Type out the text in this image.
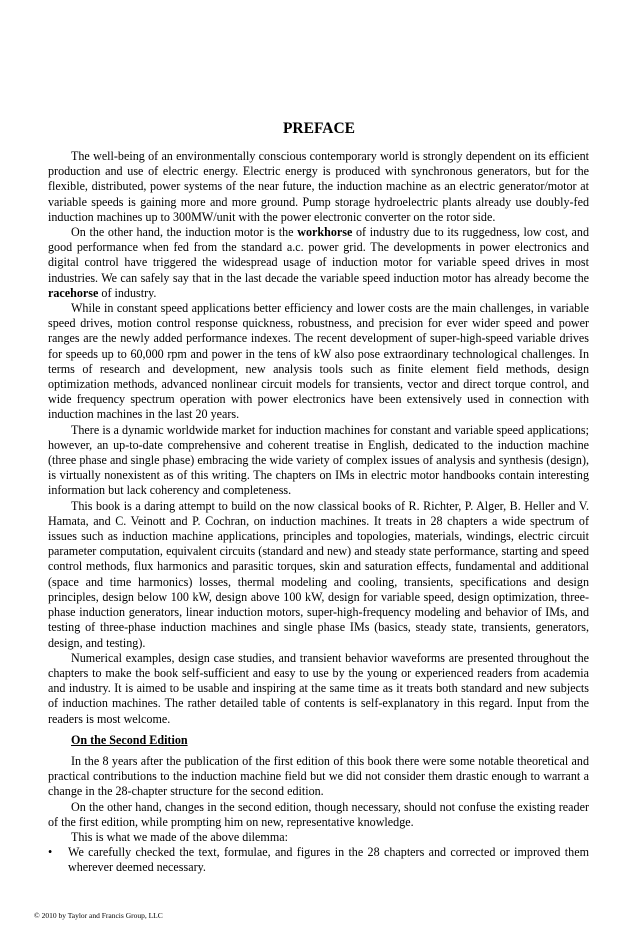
PREFACE

The well-being of an environmentally conscious contemporary world is strongly dependent on its efficient production and use of electric energy. Electric energy is produced with synchronous generators, but for the flexible, distributed, power systems of the near future, the induction machine as an electric generator/motor at variable speeds is gaining more and more ground. Pump storage hydroelectric plants already use doubly-fed induction machines up to 300MW/unit with the power electronic converter on the rotor side.

On the other hand, the induction motor is the workhorse of industry due to its ruggedness, low cost, and good performance when fed from the standard a.c. power grid. The developments in power electronics and digital control have triggered the widespread usage of induction motor for variable speed drives in most industries. We can safely say that in the last decade the variable speed induction motor has already become the racehorse of industry.

While in constant speed applications better efficiency and lower costs are the main challenges, in variable speed drives, motion control response quickness, robustness, and precision for ever wider speed and power ranges are the newly added performance indexes. The recent development of super-high-speed variable drives for speeds up to 60,000 rpm and power in the tens of kW also pose extraordinary technological challenges. In terms of research and development, new analysis tools such as finite element field methods, design optimization methods, advanced nonlinear circuit models for transients, vector and direct torque control, and wide frequency spectrum operation with power electronics have been extensively used in connection with induction machines in the last 20 years.

There is a dynamic worldwide market for induction machines for constant and variable speed applications; however, an up-to-date comprehensive and coherent treatise in English, dedicated to the induction machine (three phase and single phase) embracing the wide variety of complex issues of analysis and synthesis (design), is virtually nonexistent as of this writing. The chapters on IMs in electric motor handbooks contain interesting information but lack coherency and completeness.

This book is a daring attempt to build on the now classical books of R. Richter, P. Alger, B. Heller and V. Hamata, and C. Veinott and P. Cochran, on induction machines. It treats in 28 chapters a wide spectrum of issues such as induction machine applications, principles and topologies, materials, windings, electric circuit parameter computation, equivalent circuits (standard and new) and steady state performance, starting and speed control methods, flux harmonics and parasitic torques, skin and saturation effects, fundamental and additional (space and time harmonics) losses, thermal modeling and cooling, transients, specifications and design principles, design below 100 kW, design above 100 kW, design for variable speed, design optimization, three-phase induction generators, linear induction motors, super-high-frequency modeling and behavior of IMs, and testing of three-phase induction machines and single phase IMs (basics, steady state, transients, generators, design, and testing).

Numerical examples, design case studies, and transient behavior waveforms are presented throughout the chapters to make the book self-sufficient and easy to use by the young or experienced readers from academia and industry. It is aimed to be usable and inspiring at the same time as it treats both standard and new subjects of induction machines. The rather detailed table of contents is self-explanatory in this regard. Input from the readers is most welcome.

On the Second Edition

In the 8 years after the publication of the first edition of this book there were some notable theoretical and practical contributions to the induction machine field but we did not consider them drastic enough to warrant a change in the 28-chapter structure for the second edition.

On the other hand, changes in the second edition, though necessary, should not confuse the existing reader of the first edition, while prompting him on new, representative knowledge.

This is what we made of the above dilemma:

•	We carefully checked the text, formulae, and figures in the 28 chapters and corrected or improved them wherever deemed necessary.

© 2010 by Taylor and Francis Group, LLC
